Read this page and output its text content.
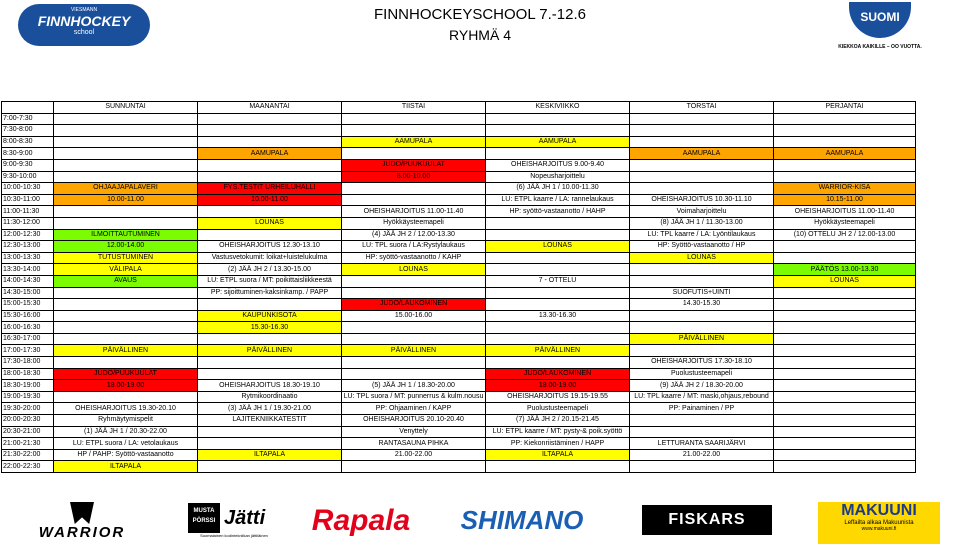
FINNHOCKEYSCHOOL 7.-12.6
RYHMÄ 4
VIESMANN
FINNHOCKEY
school
SUOMI
KIEKKOA KAIKILLE – OO VUOTTA.
	SUNNUNTAI	MAANANTAI	TIISTAI	KESKIVIIKKO	TORSTAI	PERJANTAI
7:00-7:30						
7:30-8:00						
8:00-8:30			AAMUPALA	AAMUPALA		
8:30-9:00		AAMUPALA			AAMUPALA	AAMUPALA
9:00-9:30			JUDO/PUUKUULAT	OHEISHARJOITUS 9.00-9.40		
9:30-10:00			8.00-10.00	Nopeusharjoittelu		
10:00-10:30	OHJAAJAPALAVERI	FYS.TESTIT URHEILUHALLI		(6) JÄÄ JH 1 / 10.00-11.30		WARRIOR-KISA
10:30-11:00	10.00-11.00	10.00-11.00		LU: ETPL kaarre / LA: rannelaukaus	OHEISHARJOITUS 10.30-11.10	10.15-11.00
11:00-11:30			OHEISHARJOITUS 11.00-11.40	HP: syöttö-vastaanotto / HAHP	Voimaharjoittelu	OHEISHARJOITUS 11.00-11.40
11:30-12:00		LOUNAS	Hyökkäysteemapeli		(8) JÄÄ JH 1 / 11.30-13.00	Hyökkäysteemapeli
12:00-12:30	ILMOITTAUTUMINEN		(4) JÄÄ JH 2 / 12.00-13.30		LU: TPL kaarre / LA: Lyöntilaukaus	(10) OTTELU JH 2 / 12.00-13.00
12:30-13:00	12.00-14.00	OHEISHARJOITUS 12.30-13.10	LU: TPL suora / LA:Rystylaukaus	LOUNAS	HP: Syöttö-vastaanotto / HP	
13:00-13:30	TUTUSTUMINEN	Vastusvetokumit: loikat+luistelukulma	HP: syöttö-vastaanotto / KAHP		LOUNAS	
13:30-14:00	VÄLIPALA	(2) JÄÄ JH 2 / 13.30-15.00	LOUNAS			PÄÄTÖS 13.00-13.30
14:00-14:30	AVAUS	LU: ETPL suora / MT: poikittaisliikkeestä		7 - OTTELU		LOUNAS
14:30-15:00		PP: sijoittuminen-kaksinkamp. / PAPP			SUOFUTIS+UINTI	
15:00-15:30			JUDO/LAUKOMINEN		14.30-15.30	
15:30-16:00		KAUPUNKISOTA	15.00-16.00	13.30-16.30		
16:00-16:30		15.30-16.30				
16:30-17:00					PÄIVÄLLINEN	
17:00-17:30	PÄIVÄLLINEN	PÄIVÄLLINEN	PÄIVÄLLINEN	PÄIVÄLLINEN		
17:30-18:00					OHEISHARJOITUS 17.30-18.10	
18:00-18:30	JUDO/PUUKUULAT			JUDO/LAUKOMINEN	Puolustusteemapeli	
18:30-19:00	18.00-19.00	OHEISHARJOITUS 18.30-19.10	(5) JÄÄ JH 1 / 18.30-20.00	18.00-19.00	(9) JÄÄ JH 2 / 18.30-20.00	
19:00-19:30		Rytmikoordinaatio	LU: TPL suora / MT: punnerrus & kulm.nousu	OHEISHARJOITUS 19.15-19.55	LU: TPL kaarre / MT: maski,ohjaus,rebound	
19:30-20:00	OHEISHARJOITUS 19.30-20.10	(3) JÄÄ JH 1 / 19.30-21.00	PP: Ohjaaminen / KAPP	Puolustusteemapeli	PP: Painaminen / PP	
20:00-20:30	Ryhmäytymispelit	LAJITEKNIIKKATESTIT	OHEISHARJOITUS 20.10-20.40	(7) JÄÄ JH 2 / 20.15-21.45		
20:30-21:00	(1) JÄÄ JH 1 / 20.30-22.00		Venyttely	LU: ETPL kaarre / MT: pysty-& poik.syöttö		
21:00-21:30	LU: ETPL suora / LA: vetolaukaus		RANTASAUNA PIHKA	PP: Kiekonriistäminen / HAPP	LETTURANTA SAARIJÄRVI	
21:30-22:00	HP / PAHP: Syöttö-vastaanotto	ILTAPALA	21.00-22.00	ILTAPALA	21.00-22.00	
22:00-22:30	ILTAPALA					
WARRIOR
MUSTA PÖRSSI Jätti
Suomalainen kodintekniikan jättiläinen	Rapala	SHIMANO	FISKARS
MAKUUNI
Leffailta alkaa Makuunista
www.makuuni.fi
